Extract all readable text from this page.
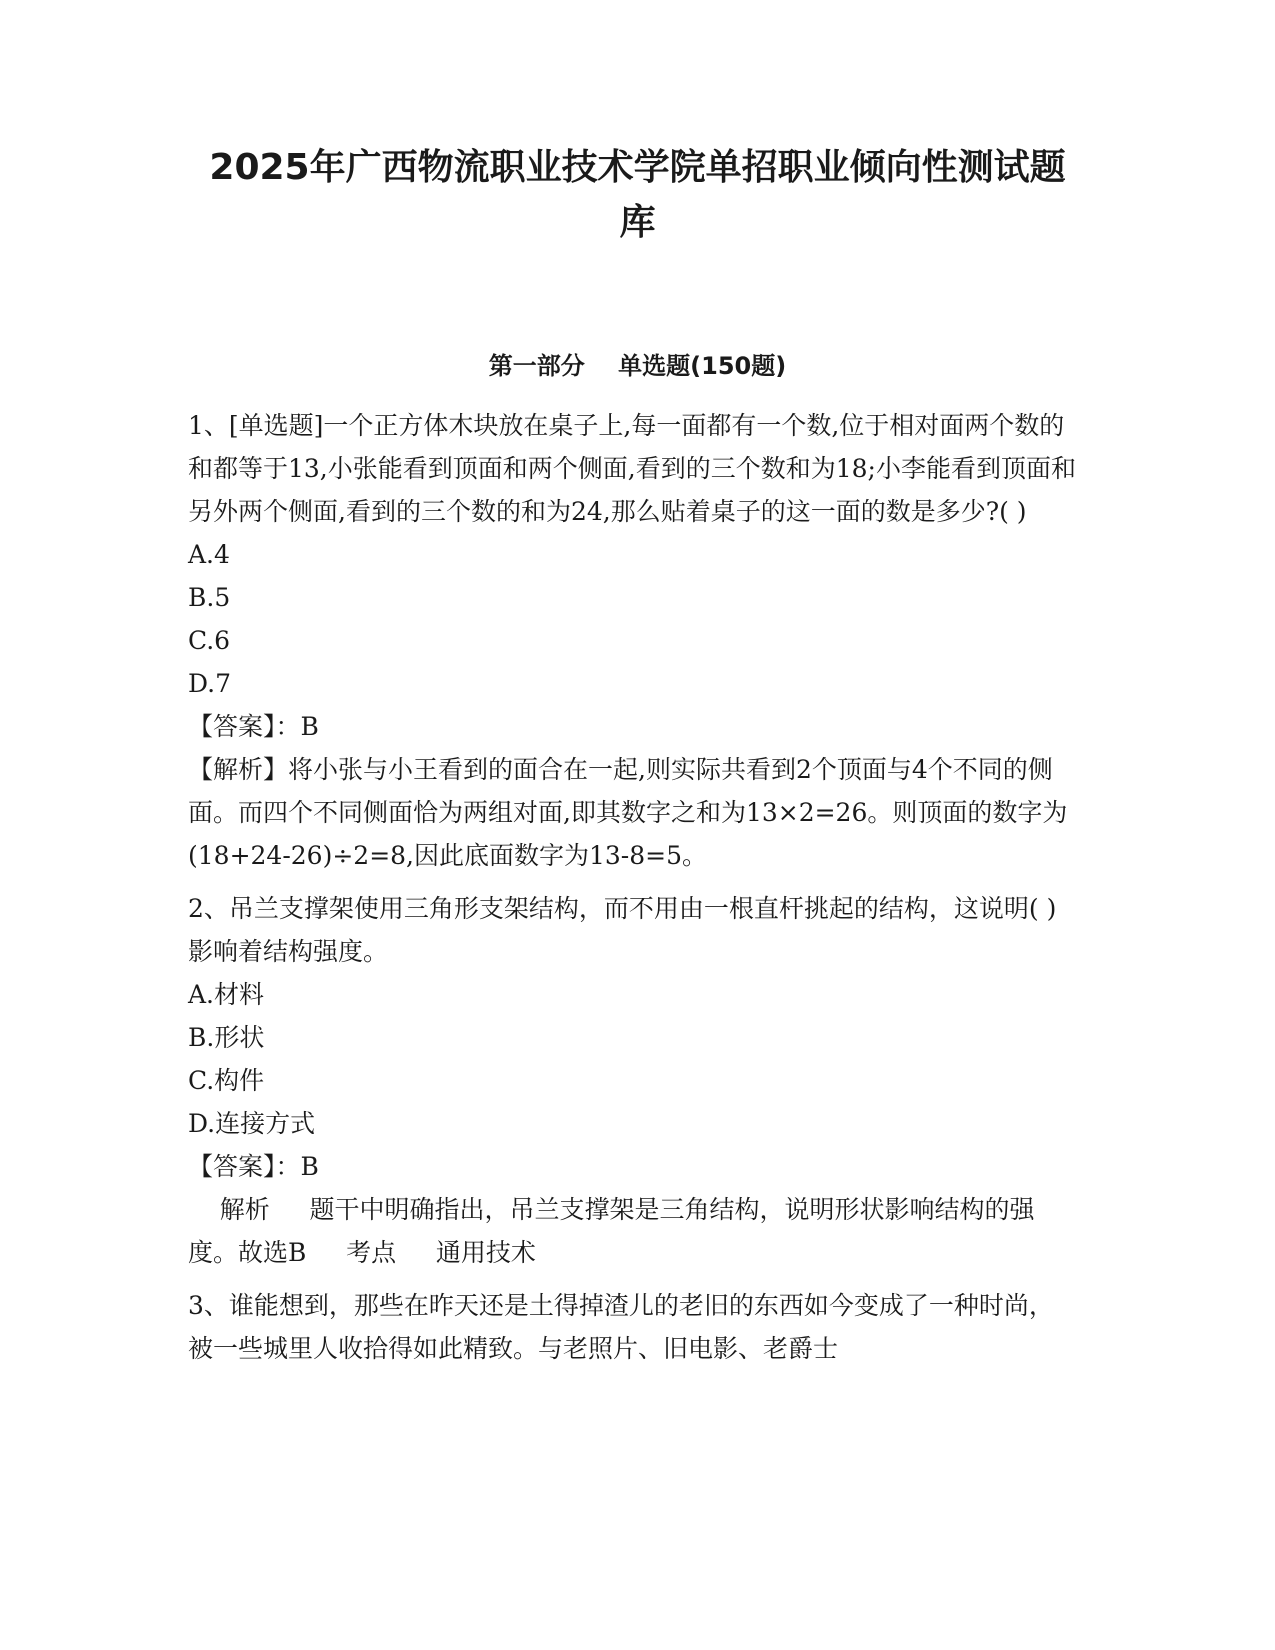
2025年广西物流职业技术学院单招职业倾向性测试题
库
第一部分    单选题(150题)

1、[单选题]一个正方体木块放在桌子上,每一面都有一个数,位于相对面两个数的和都等于13,小张能看到顶面和两个侧面,看到的三个数和为18;小李能看到顶面和另外两个侧面,看到的三个数的和为24,那么贴着桌子的这一面的数是多少?( )

A.4

B.5

C.6

D.7

【答案】：B

【解析】将小张与小王看到的面合在一起,则实际共看到2个顶面与4个不同的侧面。而四个不同侧面恰为两组对面,即其数字之和为13×2=26。则顶面的数字为(18+24-26)÷2=8,因此底面数字为13-8=5。

2、吊兰支撑架使用三角形支架结构，而不用由一根直杆挑起的结构，这说明( )影响着结构强度。

A.材料

B.形状

C.构件

D.连接方式

【答案】：B

解析     题干中明确指出，吊兰支撑架是三角结构，说明形状影响结构的强度。故选B     考点     通用技术

3、谁能想到，那些在昨天还是土得掉渣儿的老旧的东西如今变成了一种时尚，被一些城里人收拾得如此精致。与老照片、旧电影、老爵士
